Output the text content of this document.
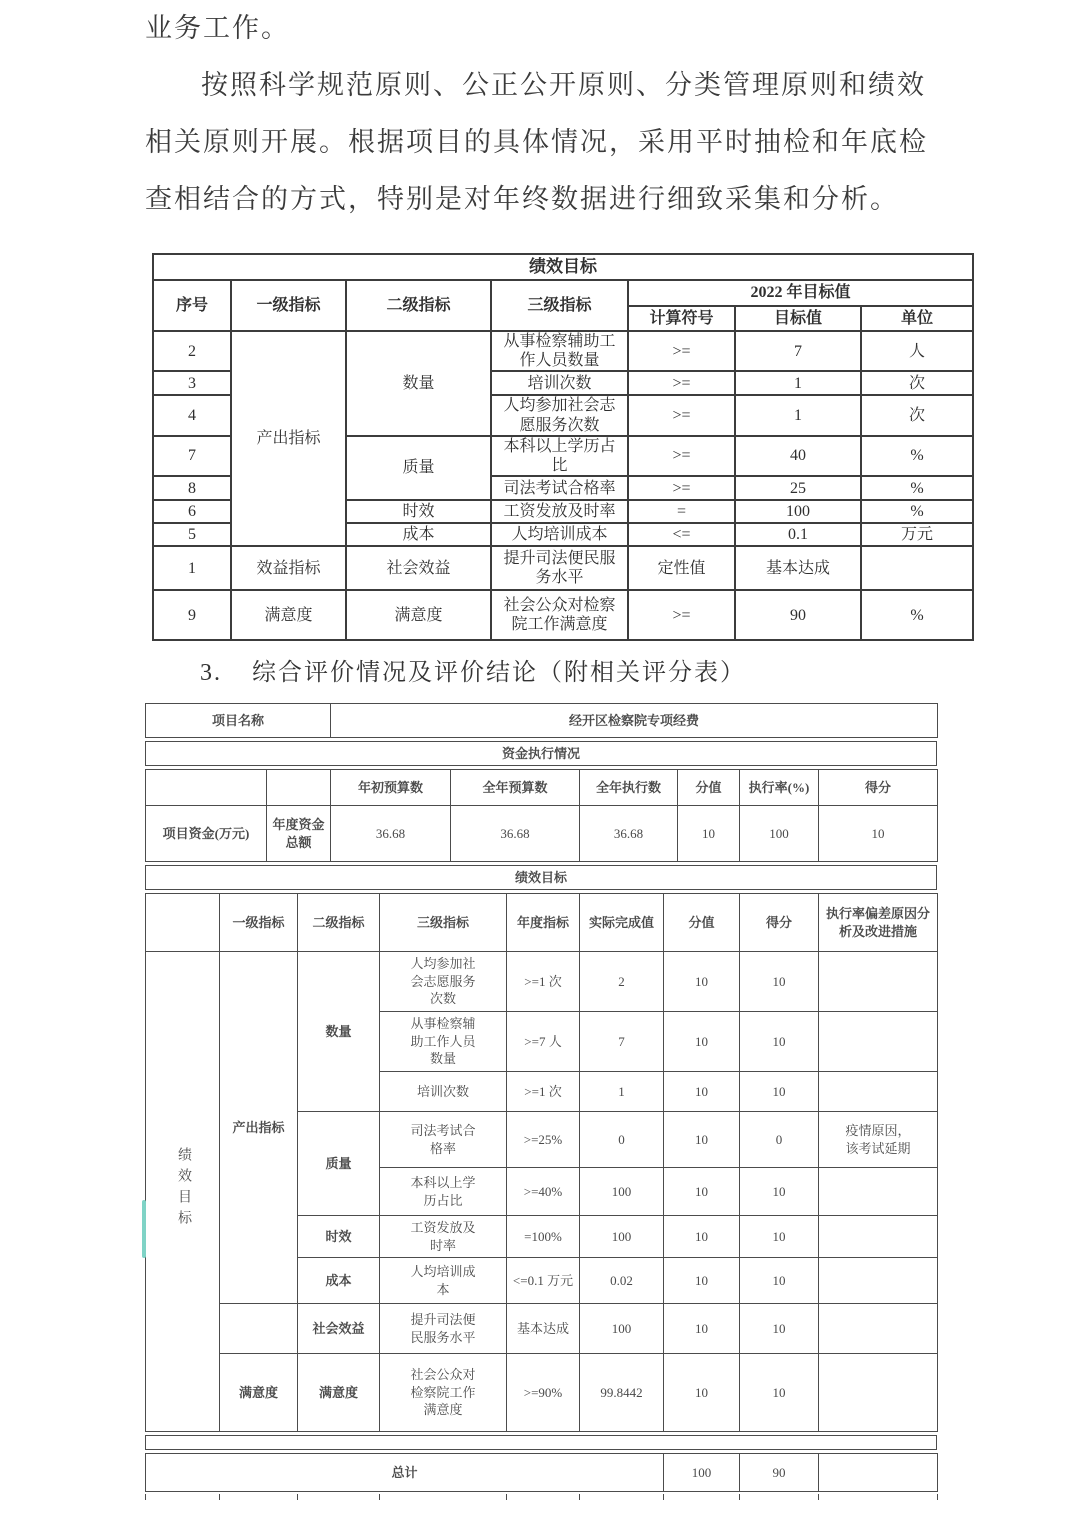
业务工作。
按照科学规范原则、公正公开原则、分类管理原则和绩效
相关原则开展。根据项目的具体情况，采用平时抽检和年底检
查相结合的方式，特别是对年终数据进行细致采集和分析。
绩效目标						
序号	一级指标	二级指标	三级指标	2022 年目标值		
				计算符号	目标值	单位
2	产出指标	数量	从事检察辅助工作人员数量	>=	7	人
3			培训次数	>=	1	次
4			人均参加社会志愿服务次数	>=	1	次
7		质量	本科以上学历占比	>=	40	%
8			司法考试合格率	>=	25	%
6		时效	工资发放及时率	=	100	%
5		成本	人均培训成本	<=	0.1	万元
1	效益指标	社会效益	提升司法便民服务水平	定性值	基本达成	
9	满意度	满意度	社会公众对检察院工作满意度	>=	90	%
3. 综合评价情况及评价结论（附相关评分表）
项目名称	经开区检察院专项经费
资金执行情况
		年初预算数	全年预算数	全年执行数	分值	执行率(%)	得分
项目资金(万元)	年度资金总额	36.68	36.68	36.68	10	100	10
绩效目标
	一级指标	二级指标	三级指标	年度指标	实际完成值	分值	得分	执行率偏差原因分析及改进措施
绩效目标	产出指标	数量	人均参加社会志愿服务次数	>=1 次	2	10	10	
			从事检察辅助工作人员数量	>=7 人	7	10	10	
			培训次数	>=1 次	1	10	10	
		质量	司法考试合格率	>=25%	0	10	0	疫情原因，该考试延期
			本科以上学历占比	>=40%	100	10	10	
		时效	工资发放及时率	=100%	100	10	10	
		成本	人均培训成本	<=0.1 万元	0.02	10	10	
		社会效益	提升司法便民服务水平	基本达成	100	10	10	
	满意度	满意度	社会公众对检察院工作满意度	>=90%	99.8442	10	10	
总计	100	90	
